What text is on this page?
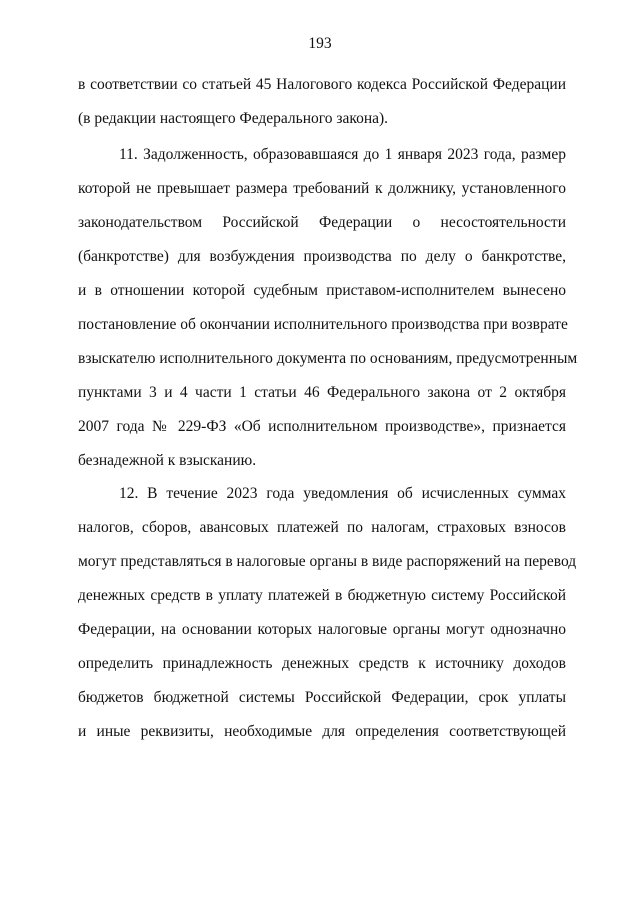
193
в соответствии со статьей 45 Налогового кодекса Российской Федерации
(в редакции настоящего Федерального закона).
11. Задолженность, образовавшаяся до 1 января 2023 года, размер
которой не превышает размера требований к должнику, установленного
законодательством Российской Федерации о несостоятельности
(банкротстве) для возбуждения производства по делу о банкротстве,
и в отношении которой судебным приставом-исполнителем вынесено
постановление об окончании исполнительного производства при возврате
взыскателю исполнительного документа по основаниям, предусмотренным
пунктами 3 и 4 части 1 статьи 46 Федерального закона от 2 октября
2007 года № 229-ФЗ «Об исполнительном производстве», признается
безнадежной к взысканию.
12. В течение 2023 года уведомления об исчисленных суммах
налогов, сборов, авансовых платежей по налогам, страховых взносов
могут представляться в налоговые органы в виде распоряжений на перевод
денежных средств в уплату платежей в бюджетную систему Российской
Федерации, на основании которых налоговые органы могут однозначно
определить принадлежность денежных средств к источнику доходов
бюджетов бюджетной системы Российской Федерации, срок уплаты
и иные реквизиты, необходимые для определения соответствующей
